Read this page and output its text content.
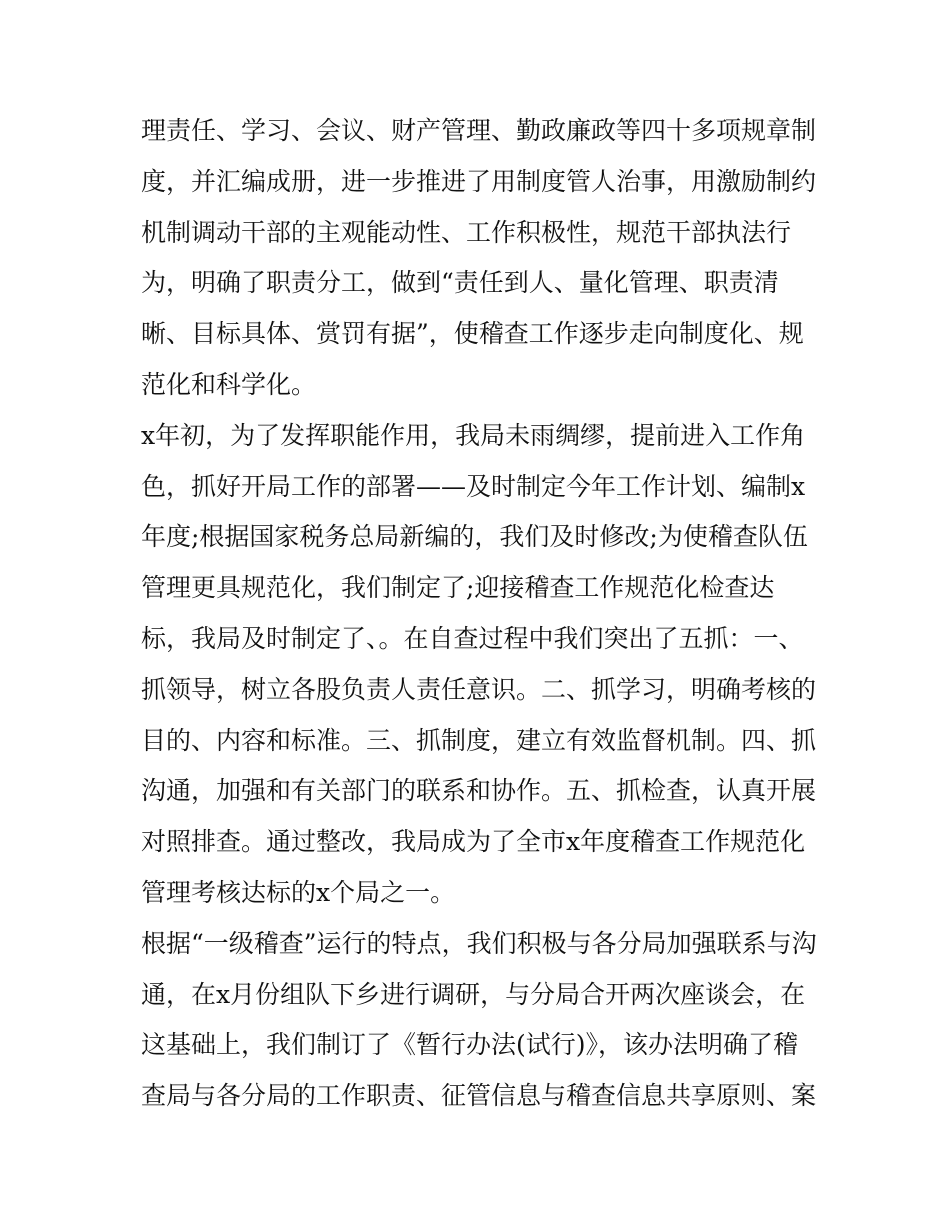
理责任、学习、会议、财产管理、勤政廉政等四十多项规章制
度，并汇编成册，进一步推进了用制度管人治事，用激励制约
机制调动干部的主观能动性、工作积极性，规范干部执法行
为，明确了职责分工，做到“责任到人、量化管理、职责清
晰、目标具体、赏罚有据”，使稽查工作逐步走向制度化、规
范化和科学化。
x年初，为了发挥职能作用，我局未雨绸缪，提前进入工作角
色，抓好开局工作的部署——及时制定今年工作计划、编制x
年度;根据国家税务总局新编的，我们及时修改;为使稽查队伍
管理更具规范化，我们制定了;迎接稽查工作规范化检查达
标，我局及时制定了、。在自查过程中我们突出了五抓：一、
抓领导，树立各股负责人责任意识。二、抓学习，明确考核的
目的、内容和标准。三、抓制度，建立有效监督机制。四、抓
沟通，加强和有关部门的联系和协作。五、抓检查，认真开展
对照排查。通过整改，我局成为了全市x年度稽查工作规范化
管理考核达标的x个局之一。
根据“一级稽查”运行的特点，我们积极与各分局加强联系与沟
通，在x月份组队下乡进行调研，与分局合开两次座谈会，在
这基础上，我们制订了《暂行办法(试行)》，该办法明确了稽
查局与各分局的工作职责、征管信息与稽查信息共享原则、案
